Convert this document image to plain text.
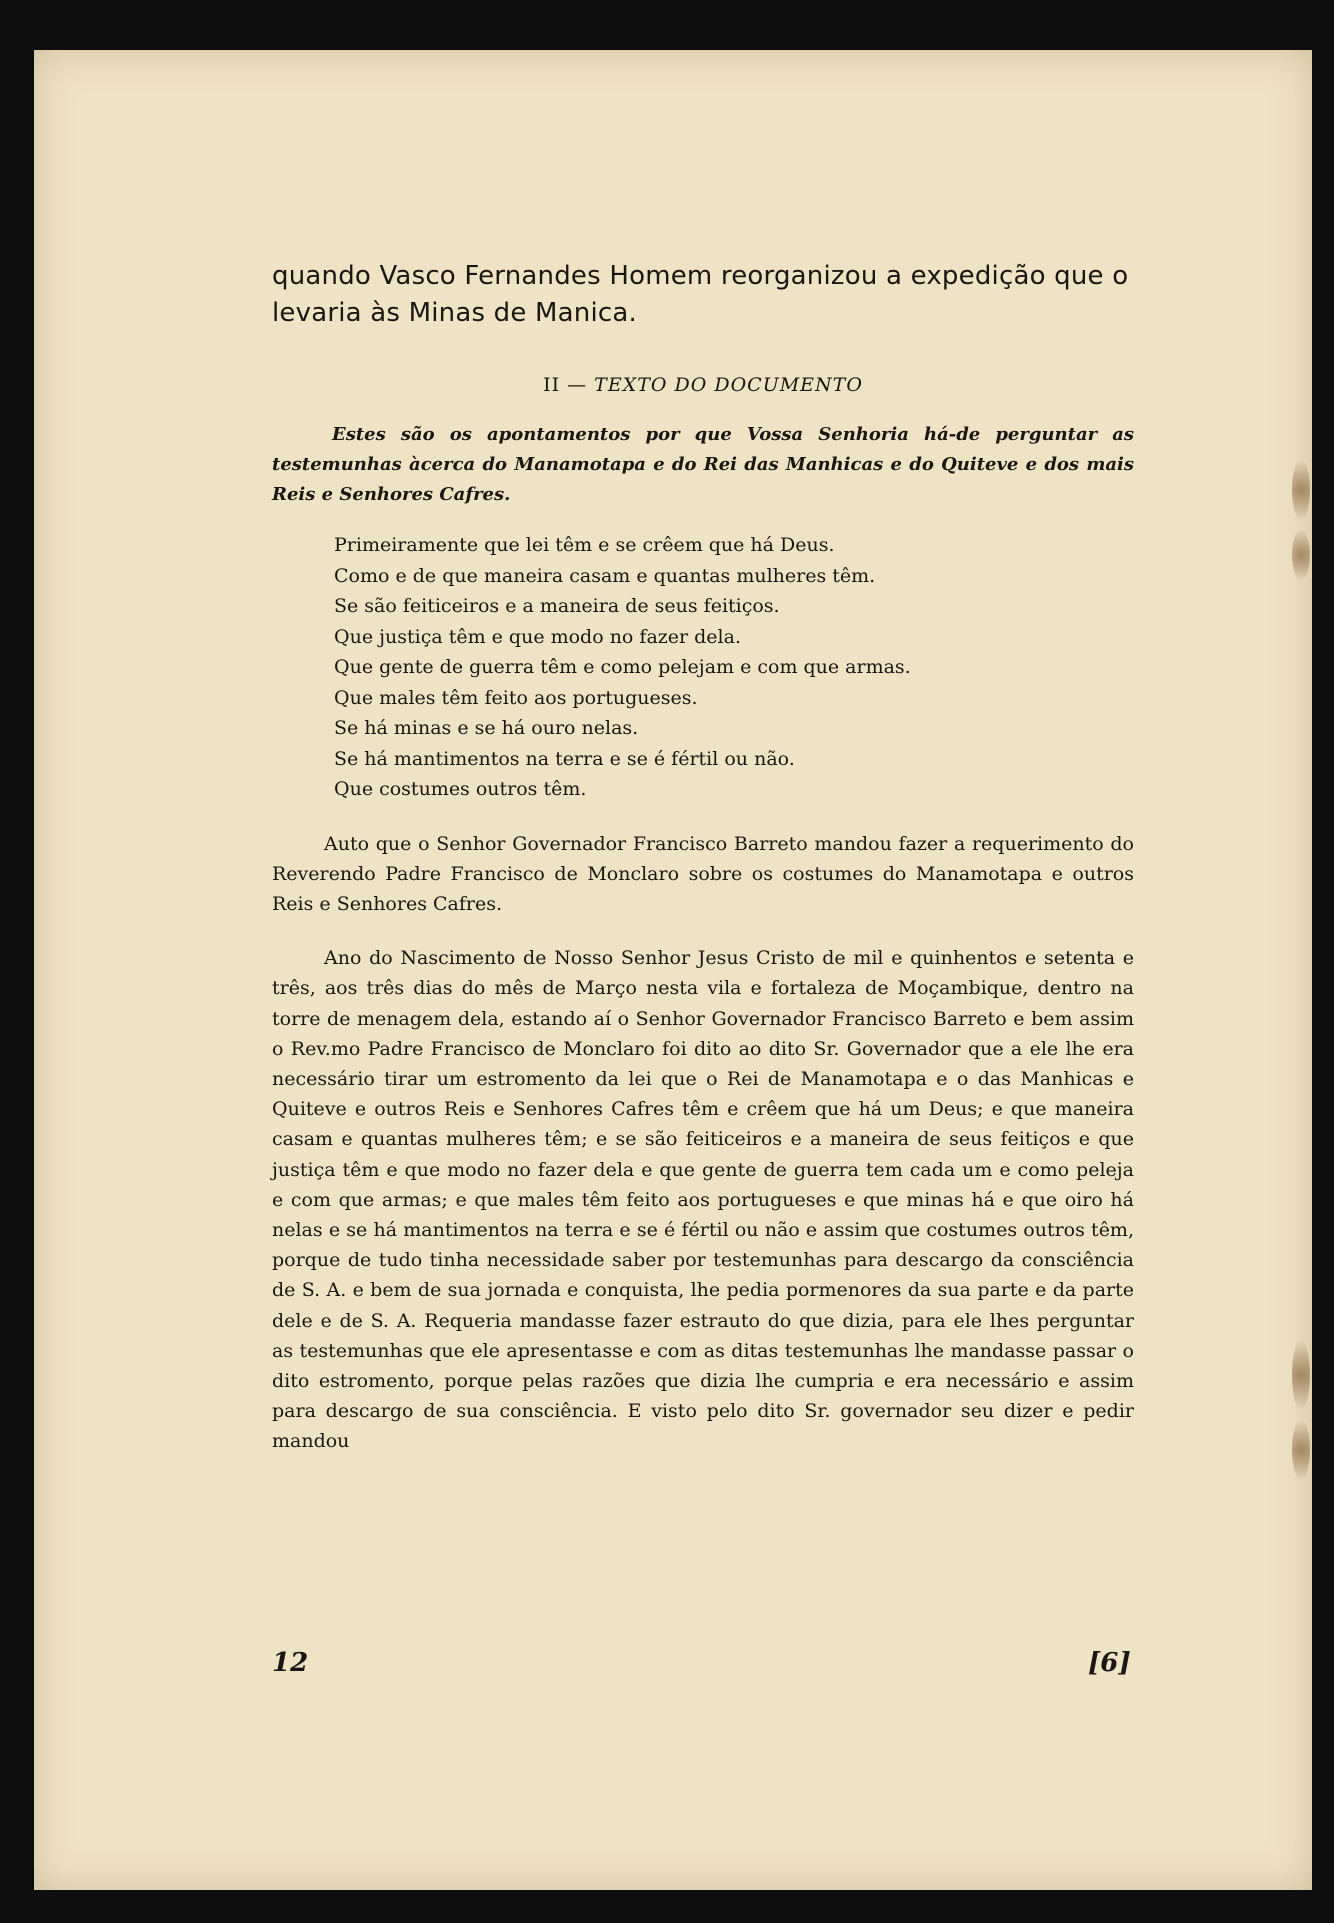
quando Vasco Fernandes Homem reorganizou a expedição que o levaria às Minas de Manica.

II — TEXTO DO DOCUMENTO

Estes são os apontamentos por que Vossa Senhoria há-de perguntar as testemunhas àcerca do Manamotapa e do Rei das Manhicas e do Quiteve e dos mais Reis e Senhores Cafres.

Primeiramente que lei têm e se crêem que há Deus.
Como e de que maneira casam e quantas mulheres têm.
Se são feiticeiros e a maneira de seus feitiços.
Que justiça têm e que modo no fazer dela.
Que gente de guerra têm e como pelejam e com que armas.
Que males têm feito aos portugueses.
Se há minas e se há ouro nelas.
Se há mantimentos na terra e se é fértil ou não.
Que costumes outros têm.

Auto que o Senhor Governador Francisco Barreto mandou fazer a requerimento do Reverendo Padre Francisco de Monclaro sobre os costumes do Manamotapa e outros Reis e Senhores Cafres.

Ano do Nascimento de Nosso Senhor Jesus Cristo de mil e quinhentos e setenta e três, aos três dias do mês de Março nesta vila e fortaleza de Moçambique, dentro na torre de menagem dela, estando aí o Senhor Governador Francisco Barreto e bem assim o Rev.mo Padre Francisco de Monclaro foi dito ao dito Sr. Governador que a ele lhe era necessário tirar um estromento da lei que o Rei de Manamotapa e o das Manhicas e Quiteve e outros Reis e Senhores Cafres têm e crêem que há um Deus; e que maneira casam e quantas mulheres têm; e se são feiticeiros e a maneira de seus feitiços e que justiça têm e que modo no fazer dela e que gente de guerra tem cada um e como peleja e com que armas; e que males têm feito aos portugueses e que minas há e que oiro há nelas e se há mantimentos na terra e se é fértil ou não e assim que costumes outros têm, porque de tudo tinha necessidade saber por testemunhas para descargo da consciência de S. A. e bem de sua jornada e conquista, lhe pedia pormenores da sua parte e da parte dele e de S. A. Requeria mandasse fazer estrauto do que dizia, para ele lhes perguntar as testemunhas que ele apresentasse e com as ditas testemunhas lhe mandasse passar o dito estromento, porque pelas razões que dizia lhe cumpria e era necessário e assim para descargo de sua consciência. E visto pelo dito Sr. governador seu dizer e pedir mandou

12	[6]
